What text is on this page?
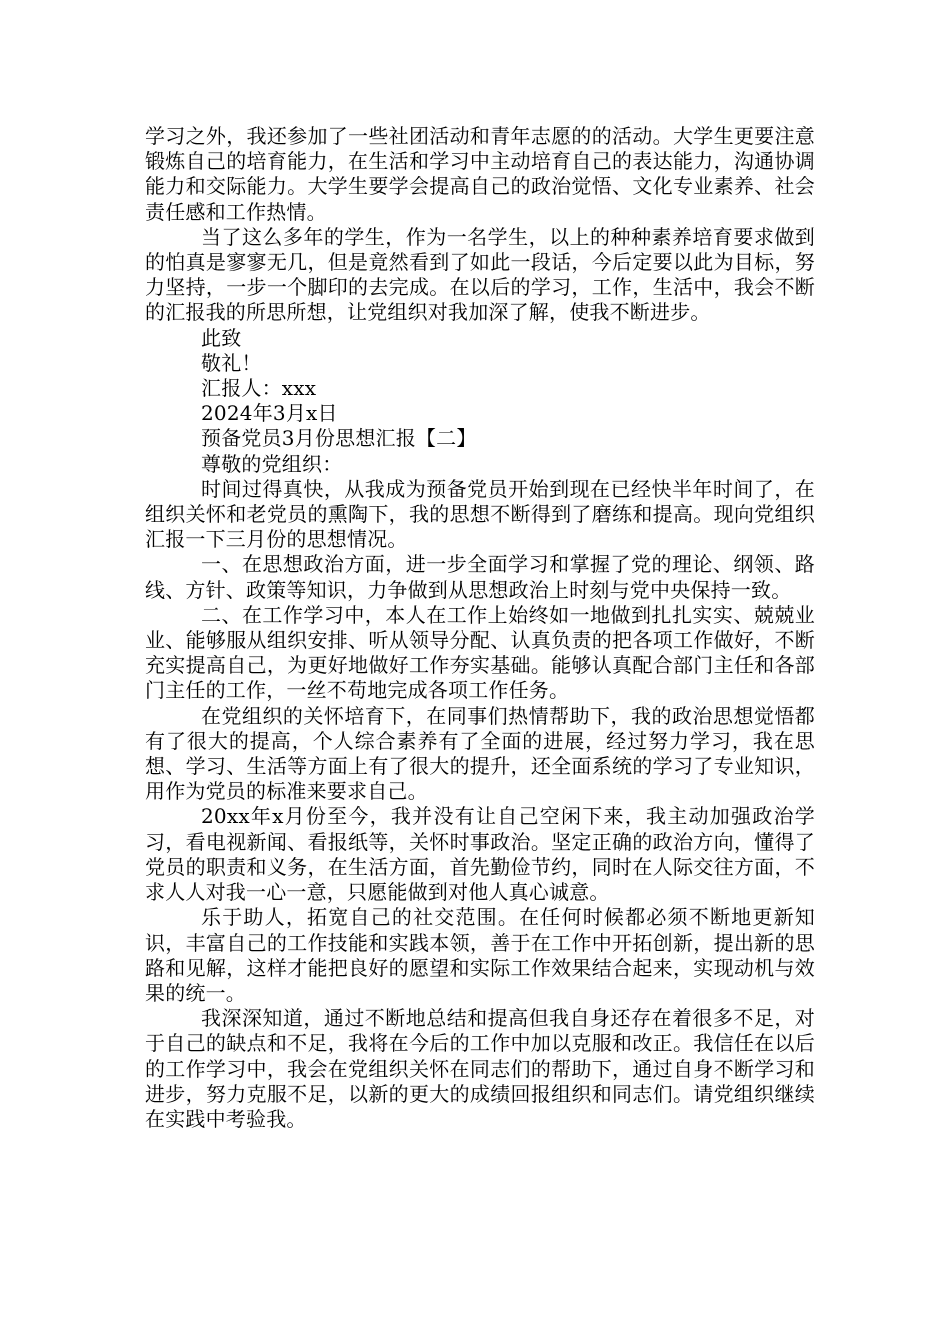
学习之外，我还参加了一些社团活动和青年志愿的的活动。大学生更要注意锻炼自己的培育能力，在生活和学习中主动培育自己的表达能力，沟通协调能力和交际能力。大学生要学会提高自己的政治觉悟、文化专业素养、社会责任感和工作热情。

当了这么多年的学生，作为一名学生，以上的种种素养培育要求做到的怕真是寥寥无几，但是竟然看到了如此一段话，今后定要以此为目标，努力坚持，一步一个脚印的去完成。在以后的学习，工作，生活中，我会不断的汇报我的所思所想，让党组织对我加深了解，使我不断进步。

此致

敬礼！

汇报人：xxx

2024年3月x日

预备党员3月份思想汇报【二】

尊敬的党组织：

时间过得真快，从我成为预备党员开始到现在已经快半年时间了，在组织关怀和老党员的熏陶下，我的思想不断得到了磨练和提高。现向党组织汇报一下三月份的思想情况。

一、在思想政治方面，进一步全面学习和掌握了党的理论、纲领、路线、方针、政策等知识，力争做到从思想政治上时刻与党中央保持一致。

二、在工作学习中，本人在工作上始终如一地做到扎扎实实、兢兢业业、能够服从组织安排、听从领导分配、认真负责的把各项工作做好，不断充实提高自己，为更好地做好工作夯实基础。能够认真配合部门主任和各部门主任的工作，一丝不苟地完成各项工作任务。

在党组织的关怀培育下，在同事们热情帮助下，我的政治思想觉悟都有了很大的提高，个人综合素养有了全面的进展，经过努力学习，我在思想、学习、生活等方面上有了很大的提升，还全面系统的学习了专业知识，用作为党员的标准来要求自己。

20xx年x月份至今，我并没有让自己空闲下来，我主动加强政治学习，看电视新闻、看报纸等，关怀时事政治。坚定正确的政治方向，懂得了党员的职责和义务，在生活方面，首先勤俭节约，同时在人际交往方面，不求人人对我一心一意，只愿能做到对他人真心诚意。

乐于助人，拓宽自己的社交范围。在任何时候都必须不断地更新知识，丰富自己的工作技能和实践本领，善于在工作中开拓创新，提出新的思路和见解，这样才能把良好的愿望和实际工作效果结合起来，实现动机与效果的统一。

我深深知道，通过不断地总结和提高但我自身还存在着很多不足，对于自己的缺点和不足，我将在今后的工作中加以克服和改正。我信任在以后的工作学习中，我会在党组织关怀在同志们的帮助下，通过自身不断学习和进步，努力克服不足，以新的更大的成绩回报组织和同志们。请党组织继续在实践中考验我。
